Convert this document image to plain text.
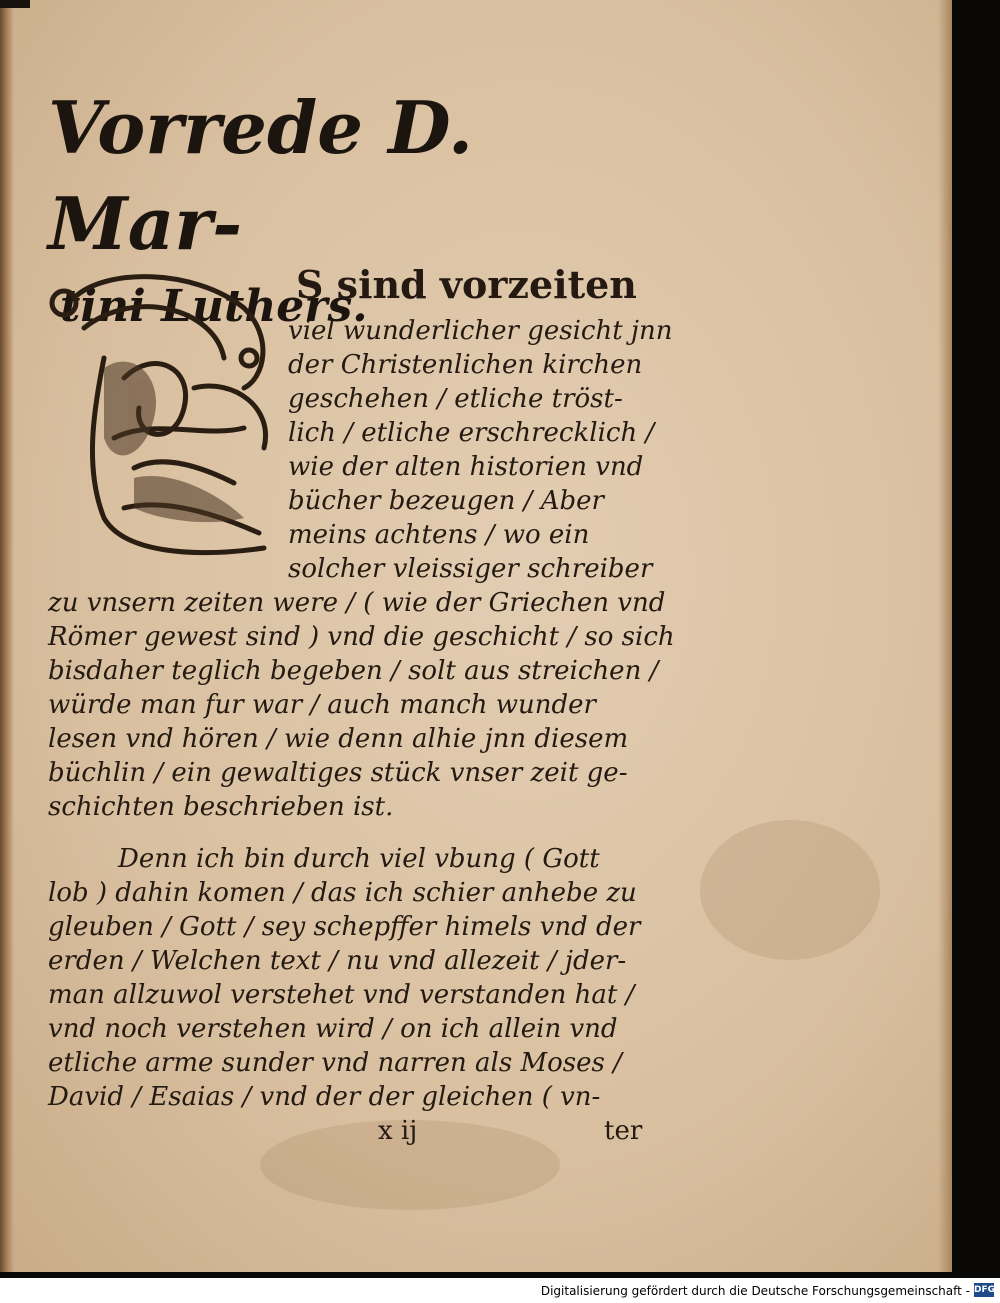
Vorrede D. Mar-
tini Luthers.
S sind vorzeiten
viel wunderlicher gesicht jnn
der Christenlichen kirchen
geschehen / etliche tröst-
lich / etliche erschrecklich /
wie der alten historien vnd
bücher bezeugen / Aber
meins achtens / wo ein
solcher vleissiger schreiber
zu vnsern zeiten were / ( wie der Griechen vnd
Römer gewest sind ) vnd die geschicht / so sich
bisdaher teglich begeben / solt aus streichen /
würde man fur war / auch manch wunder
lesen vnd hören / wie denn alhie jnn diesem
büchlin / ein gewaltiges stück vnser zeit ge-
schichten beschrieben ist.
Denn ich bin durch viel vbung ( Gott
lob ) dahin komen / das ich schier anhebe zu
gleuben / Gott / sey schepffer himels vnd der
erden / Welchen text / nu vnd allezeit / jder-
man allzuwol verstehet vnd verstanden hat /
vnd noch verstehen wird / on ich allein vnd
etliche arme sunder vnd narren als Moses /
David / Esaias / vnd der der gleichen ( vn-
x ij	ter
Digitalisierung gefördert durch die Deutsche Forschungsgemeinschaft - DFG
